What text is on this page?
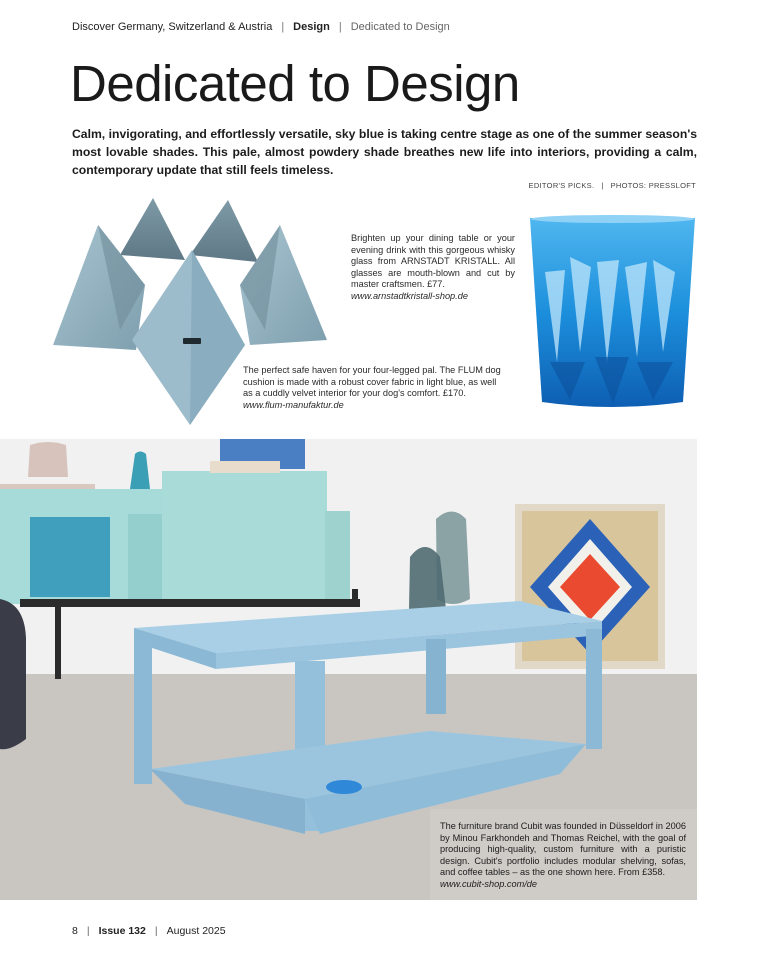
Discover Germany, Switzerland & Austria | Design | Dedicated to Design
Dedicated to Design

Calm, invigorating, and effortlessly versatile, sky blue is taking centre stage as one of the summer season's most lovable shades. This pale, almost powdery shade breathes new life into interiors, providing a calm, contemporary update that still feels timeless.

EDITOR'S PICKS. | PHOTOS: PRESSLOFT

Brighten up your dining table or your evening drink with this gorgeous whisky glass from ARNSTADT KRISTALL. All glasses are mouth-blown and cut by master craftsmen. £77.
www.arnstadtkristall-shop.de

The perfect safe haven for your four-legged pal. The FLUM dog cushion is made with a robust cover fabric in light blue, as well as a cuddly velvet interior for your dog's comfort. £170.
www.flum-manufaktur.de

The furniture brand Cubit was founded in Düsseldorf in 2006 by Minou Farkhondeh and Thomas Reichel, with the goal of producing high-quality, custom furniture with a puristic design. Cubit's portfolio includes modular shelving, sofas, and coffee tables – as the one shown here. From £358.
www.cubit-shop.com/de

8 | Issue 132 | August 2025
